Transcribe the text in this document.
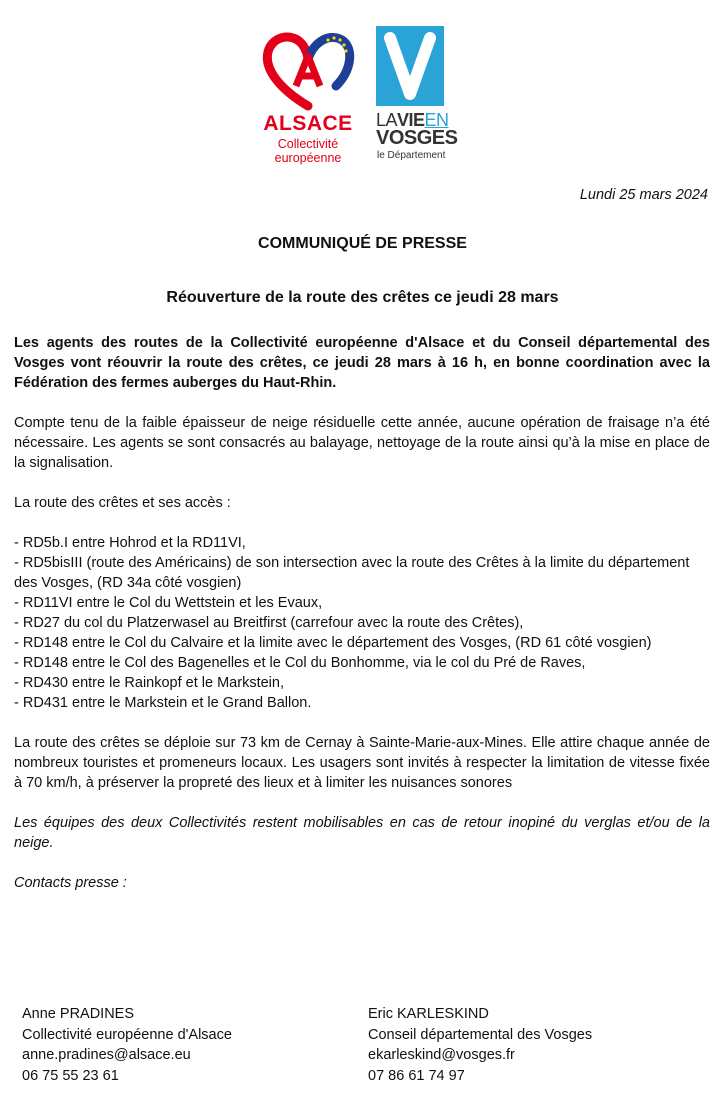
ALSACE
Collectivité
européenne
LAVIEEN
VOSGES
le Département
Lundi 25 mars 2024
COMMUNIQUÉ DE PRESSE
Réouverture de la route des crêtes ce jeudi 28 mars

Les agents des routes de la Collectivité européenne d'Alsace et du Conseil départemental des Vosges vont réouvrir la route des crêtes, ce jeudi 28 mars à 16 h, en bonne coordination avec la Fédération des fermes auberges du Haut-Rhin.

Compte tenu de la faible épaisseur de neige résiduelle cette année, aucune opération de fraisage n’a été nécessaire. Les agents se sont consacrés au balayage, nettoyage de la route ainsi qu’à la mise en place de la signalisation.

La route des crêtes et ses accès :

- RD5b.I entre Hohrod et la RD11VI,

- RD5bisIII (route des Américains) de son intersection avec la route des Crêtes à la limite du département des Vosges, (RD 34a côté vosgien)

- RD11VI entre le Col du Wettstein et les Evaux,

- RD27 du col du Platzerwasel au Breitfirst (carrefour avec la route des Crêtes),

- RD148 entre le Col du Calvaire et la limite avec le département des Vosges, (RD 61 côté vosgien)

- RD148 entre le Col des Bagenelles et le Col du Bonhomme, via le col du Pré de Raves,

- RD430 entre le Rainkopf et le Markstein,

- RD431 entre le Markstein et le Grand Ballon.

La route des crêtes se déploie sur 73 km de Cernay à Sainte-Marie-aux-Mines. Elle attire chaque année de nombreux touristes et promeneurs locaux. Les usagers sont invités à respecter la limitation de vitesse fixée à 70 km/h, à préserver la propreté des lieux et à limiter les nuisances sonores

Les équipes des deux Collectivités restent mobilisables en cas de retour inopiné du verglas et/ou de la neige.

Contacts presse :

Anne PRADINES
Collectivité européenne d'Alsace
anne.pradines@alsace.eu
06 75 55 23 61
Eric KARLESKIND
Conseil départemental des Vosges
ekarleskind@vosges.fr
07 86 61 74 97
